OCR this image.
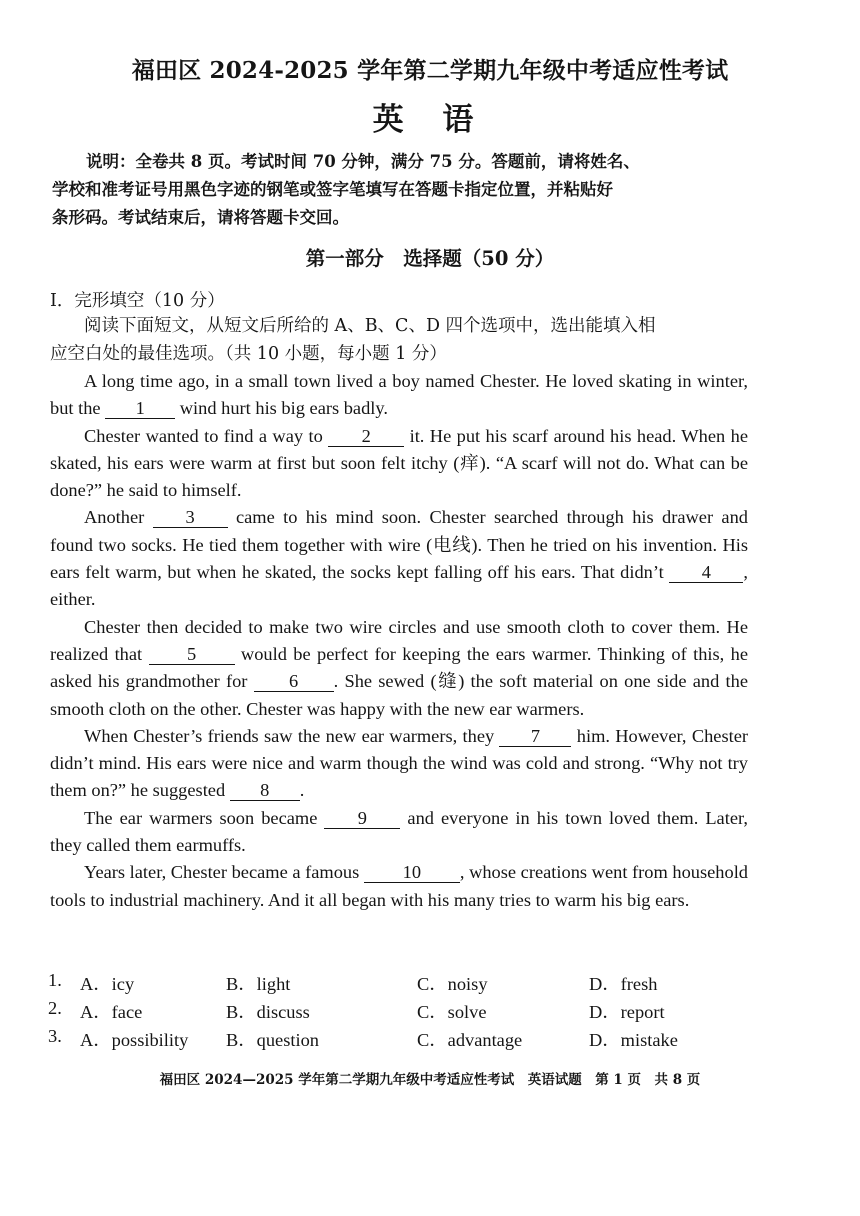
福田区 2024-2025 学年第二学期九年级中考适应性考试
英 语
说明：全卷共 8 页。考试时间 70 分钟，满分 75 分。答题前，请将姓名、
学校和准考证号用黑色字迹的钢笔或签字笔填写在答题卡指定位置，并粘贴好
条形码。考试结束后，请将答题卡交回。
第一部分　选择题（50 分）
I．完形填空（10 分）
阅读下面短文，从短文后所给的 A、B、C、D 四个选项中，选出能填入相
应空白处的最佳选项。（共 10 小题，每小题 1 分）

A long time ago, in a small town lived a boy named Chester. He loved skating in winter, but the 1 wind hurt his big ears badly.

Chester wanted to find a way to 2 it. He put his scarf around his head. When he skated, his ears were warm at first but soon felt itchy (痒). “A scarf will not do. What can be done?” he said to himself.

Another 3 came to his mind soon. Chester searched through his drawer and found two socks. He tied them together with wire (电线). Then he tried on his invention. His ears felt warm, but when he skated, the socks kept falling off his ears. That didn’t 4 , either.

Chester then decided to make two wire circles and use smooth cloth to cover them. He realized that 5 would be perfect for keeping the ears warmer. Thinking of this, he asked his grandmother for 6 . She sewed (缝) the soft material on one side and the smooth cloth on the other. Chester was happy with the new ear warmers.

When Chester’s friends saw the new ear warmers, they 7 him. However, Chester didn’t mind. His ears were nice and warm though the wind was cold and strong. “Why not try them on?” he suggested 8 .

The ear warmers soon became 9 and everyone in his town loved them. Later, they called them earmuffs.

Years later, Chester became a famous 10 , whose creations went from household tools to industrial machinery. And it all began with his many tries to warm his big ears.

1. A．icy	B．light	C．noisy	D．fresh
2. A．face	B．discuss	C．solve	D．report
3. A．possibility B．question	C．advantage	D．mistake
福田区 2024—2025 学年第二学期九年级中考适应性考试　英语试题　第 1 页　共 8 页
